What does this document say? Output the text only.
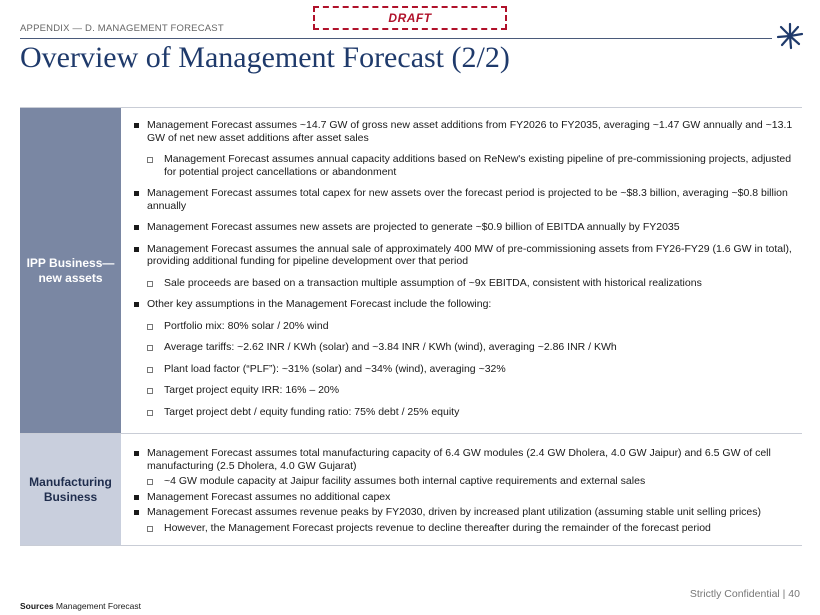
APPENDIX — D. MANAGEMENT FORECAST
DRAFT
Overview of Management Forecast (2/2)
IPP Business— new assets
Management Forecast assumes ~14.7 GW of gross new asset additions from FY2026 to FY2035, averaging ~1.47 GW annually and ~13.1 GW of net new asset additions after asset sales
Management Forecast assumes annual capacity additions based on ReNew's existing pipeline of pre-commissioning projects, adjusted for potential project cancellations or abandonment
Management Forecast assumes total capex for new assets over the forecast period is projected to be ~$8.3 billion, averaging ~$0.8 billion annually
Management Forecast assumes new assets are projected to generate ~$0.9 billion of EBITDA annually by FY2035
Management Forecast assumes the annual sale of approximately 400 MW of pre-commissioning assets from FY26-FY29 (1.6 GW in total), providing additional funding for pipeline development over that period
Sale proceeds are based on a transaction multiple assumption of ~9x EBITDA, consistent with historical realizations
Other key assumptions in the Management Forecast include the following:
Portfolio mix: 80% solar / 20% wind
Average tariffs: ~2.62 INR / KWh (solar) and ~3.84 INR / KWh (wind), averaging ~2.86 INR / KWh
Plant load factor (“PLF”): ~31% (solar) and ~34% (wind), averaging ~32%
Target project equity IRR: 16% – 20%
Target project debt / equity funding ratio: 75% debt / 25% equity
Manufacturing Business
Management Forecast assumes total manufacturing capacity of 6.4 GW modules (2.4 GW Dholera, 4.0 GW Jaipur) and 6.5 GW of cell manufacturing (2.5 Dholera, 4.0 GW Gujarat)
~4 GW module capacity at Jaipur facility assumes both internal captive requirements and external sales
Management Forecast assumes no additional capex
Management Forecast assumes revenue peaks by FY2030, driven by increased plant utilization (assuming stable unit selling prices)
However, the Management Forecast projects revenue to decline thereafter during the remainder of the forecast period
Strictly Confidential | 40
Sources Management Forecast
